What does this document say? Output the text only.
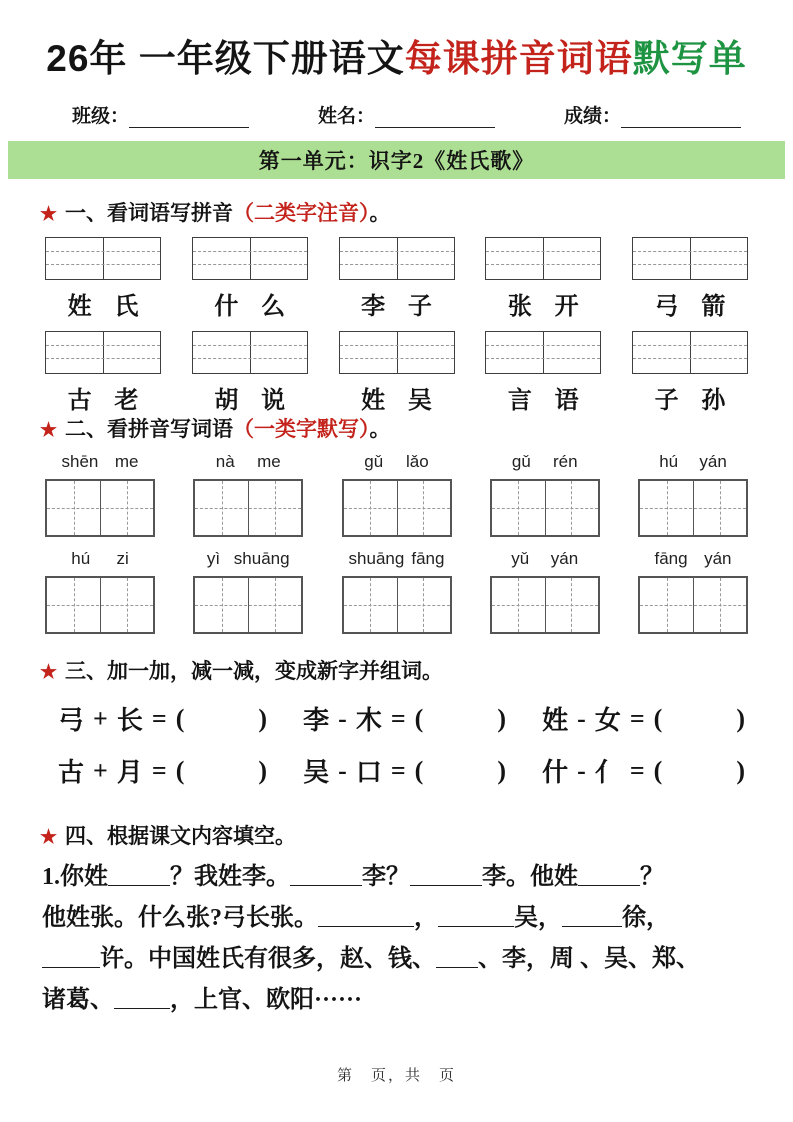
26年 一年级下册语文每课拼音词语默写单
班级：	姓名：	成绩：
第一单元：识字2《姓氏歌》
★ 一、看词语写拼音（二类字注音）。
姓 氏	什 么	李 子	张 开	弓 箭
古 老	胡 说	姓 吴	言 语	子 孙
★ 二、看拼音写词语（一类字默写）。
shēn me	nà me	gǔ lǎo	gǔ rén	hú yán
hú zi	yì shuāng	shuāng fāng	yǔ yán	fāng yán
★ 三、加一加，减一减，变成新字并组词。
弓 + 长 = (	) 李 - 木 = (	) 姓 - 女 = (	)
古 + 月 = (	) 吴 - 口 = (	) 什 - 亻 = (	)
★ 四、根据课文内容填空。
1.你姓	？我姓李。	李？	李。他姓	？
他姓张。什么张?弓长张。	，	吴，	徐，
许。中国姓氏有很多，赵、钱、 、李，周 、吴、郑、
诸葛、 ，上官、欧阳······
第　页，共　页
